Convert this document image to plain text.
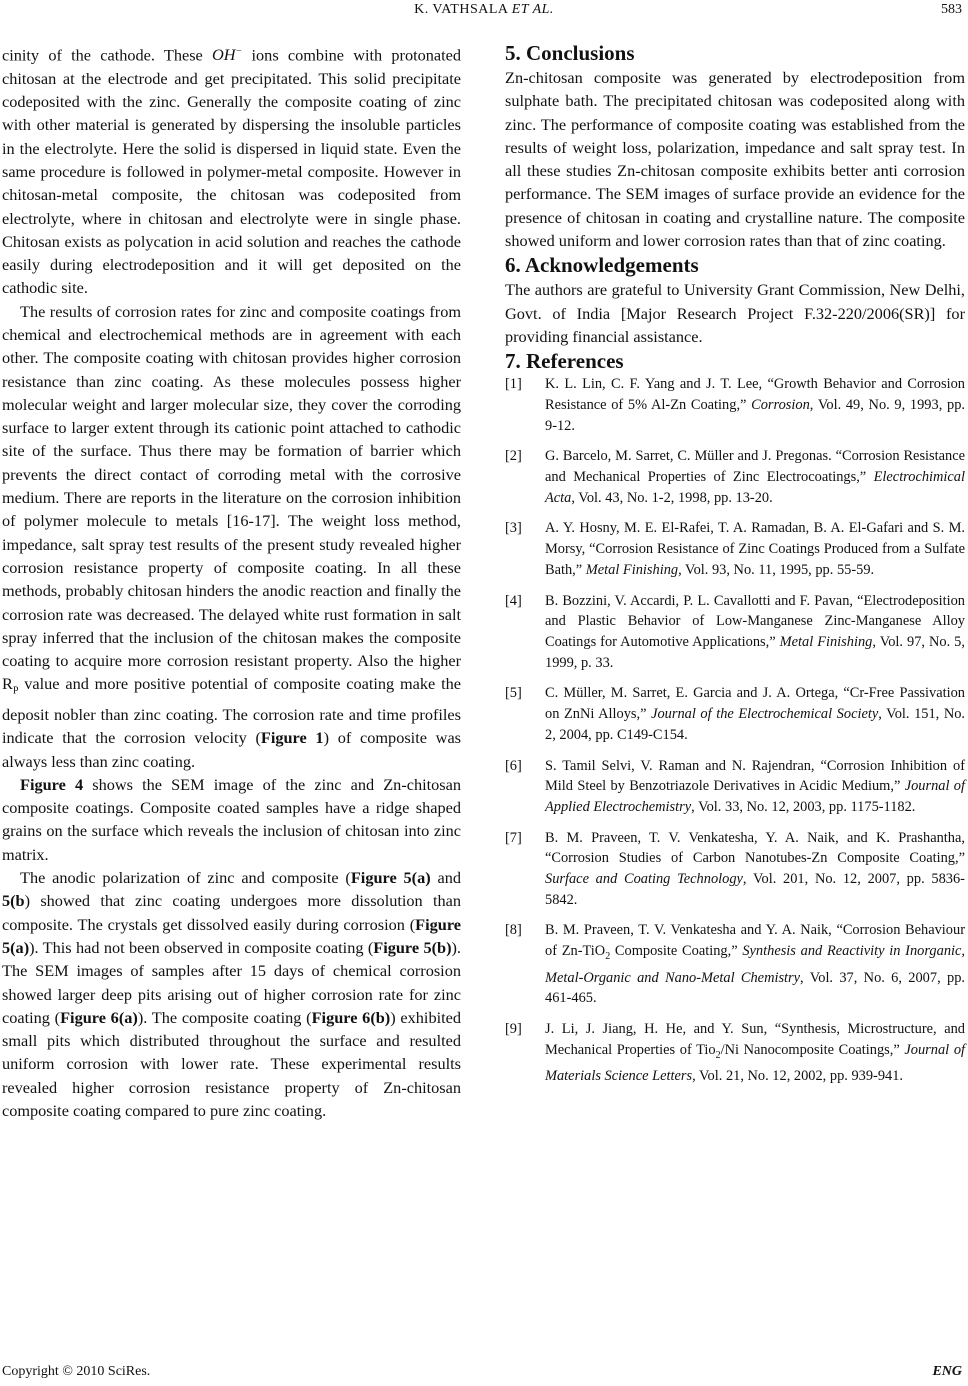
K. VATHSALA ET AL.	583

cinity of the cathode. These OH− ions combine with protonated chitosan at the electrode and get precipitated. This solid precipitate codeposited with the zinc. Generally the composite coating of zinc with other material is generated by dispersing the insoluble particles in the electrolyte. Here the solid is dispersed in liquid state. Even the same procedure is followed in polymer-metal composite. However in chitosan-metal composite, the chitosan was codeposited from electrolyte, where in chitosan and electrolyte were in single phase. Chitosan exists as polycation in acid solution and reaches the cathode easily during electrodeposition and it will get deposited on the cathodic site.

The results of corrosion rates for zinc and composite coatings from chemical and electrochemical methods are in agreement with each other. The composite coating with chitosan provides higher corrosion resistance than zinc coating. As these molecules possess higher molecular weight and larger molecular size, they cover the corroding surface to larger extent through its cationic point attached to cathodic site of the surface. Thus there may be formation of barrier which prevents the direct contact of corroding metal with the corrosive medium. There are reports in the literature on the corrosion inhibition of polymer molecule to metals [16-17]. The weight loss method, impedance, salt spray test results of the present study revealed higher corrosion resistance property of composite coating. In all these methods, probably chitosan hinders the anodic reaction and finally the corrosion rate was decreased. The delayed white rust formation in salt spray inferred that the inclusion of the chitosan makes the composite coating to acquire more corrosion resistant property. Also the higher $R_P$ value and more positive potential of composite coating make the deposit nobler than zinc coating. The corrosion rate and time profiles indicate that the corrosion velocity (Figure 1) of composite was always less than zinc coating.

Figure 4 shows the SEM image of the zinc and Zn-chitosan composite coatings. Composite coated samples have a ridge shaped grains on the surface which reveals the inclusion of chitosan into zinc matrix.

The anodic polarization of zinc and composite (Figure 5(a) and 5(b) showed that zinc coating undergoes more dissolution than composite. The crystals get dissolved easily during corrosion (Figure 5(a)). This had not been observed in composite coating (Figure 5(b)). The SEM images of samples after 15 days of chemical corrosion showed larger deep pits arising out of higher corrosion rate for zinc coating (Figure 6(a)). The composite coating (Figure 6(b)) exhibited small pits which distributed throughout the surface and resulted uniform corrosion with lower rate. These experimental results revealed higher corrosion resistance property of Zn-chitosan composite coating compared to pure zinc coating.

5. Conclusions

Zn-chitosan composite was generated by electrodeposition from sulphate bath. The precipitated chitosan was codeposited along with zinc. The performance of composite coating was established from the results of weight loss, polarization, impedance and salt spray test. In all these studies Zn-chitosan composite exhibits better anti corrosion performance. The SEM images of surface provide an evidence for the presence of chitosan in coating and crystalline nature. The composite showed uniform and lower corrosion rates than that of zinc coating.

6. Acknowledgements

The authors are grateful to University Grant Commission, New Delhi, Govt. of India [Major Research Project F.32-220/2006(SR)] for providing financial assistance.

7. References
[1] K. L. Lin, C. F. Yang and J. T. Lee, “Growth Behavior and Corrosion Resistance of 5% Al-Zn Coating,” Corrosion, Vol. 49, No. 9, 1993, pp. 9-12.
[2] G. Barcelo, M. Sarret, C. Müller and J. Pregonas. “Corrosion Resistance and Mechanical Properties of Zinc Electrocoatings,” Electrochimical Acta, Vol. 43, No. 1-2, 1998, pp. 13-20.
[3] A. Y. Hosny, M. E. El-Rafei, T. A. Ramadan, B. A. El-Gafari and S. M. Morsy, “Corrosion Resistance of Zinc Coatings Produced from a Sulfate Bath,” Metal Finishing, Vol. 93, No. 11, 1995, pp. 55-59.
[4] B. Bozzini, V. Accardi, P. L. Cavallotti and F. Pavan, “Electrodeposition and Plastic Behavior of Low-Manganese Zinc-Manganese Alloy Coatings for Automotive Applications,” Metal Finishing, Vol. 97, No. 5, 1999, p. 33.
[5] C. Müller, M. Sarret, E. Garcia and J. A. Ortega, “Cr-Free Passivation on ZnNi Alloys,” Journal of the Electrochemical Society, Vol. 151, No. 2, 2004, pp. C149-C154.
[6] S. Tamil Selvi, V. Raman and N. Rajendran, “Corrosion Inhibition of Mild Steel by Benzotriazole Derivatives in Acidic Medium,” Journal of Applied Electrochemistry, Vol. 33, No. 12, 2003, pp. 1175-1182.
[7] B. M. Praveen, T. V. Venkatesha, Y. A. Naik, and K. Prashantha, “Corrosion Studies of Carbon Nanotubes-Zn Composite Coating,” Surface and Coating Technology, Vol. 201, No. 12, 2007, pp. 5836-5842.
[8] B. M. Praveen, T. V. Venkatesha and Y. A. Naik, “Corrosion Behaviour of Zn-TiO$_2$ Composite Coating,” Synthesis and Reactivity in Inorganic, Metal-Organic and Nano-Metal Chemistry, Vol. 37, No. 6, 2007, pp. 461-465.
[9] J. Li, J. Jiang, H. He, and Y. Sun, “Synthesis, Microstructure, and Mechanical Properties of Tio$_2$/Ni Nanocomposite Coatings,” Journal of Materials Science Letters, Vol. 21, No. 12, 2002, pp. 939-941.
Copyright © 2010 SciRes.	ENG
